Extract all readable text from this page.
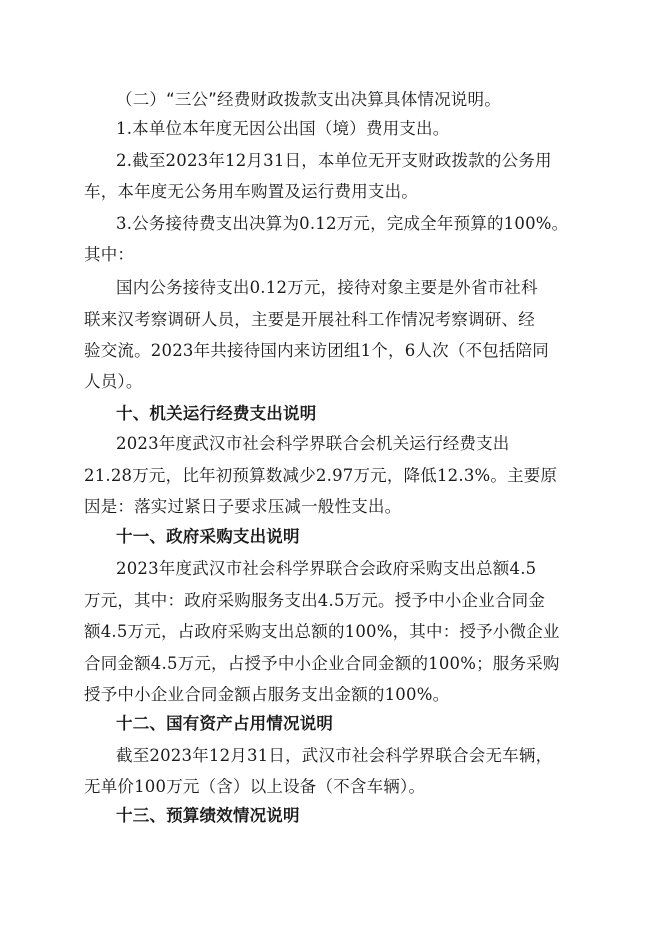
（二）“三公”经费财政拨款支出决算具体情况说明。
1.本单位本年度无因公出国（境）费用支出。
2.截至2023年12月31日，本单位无开支财政拨款的公务用
车，本年度无公务用车购置及运行费用支出。
3.公务接待费支出决算为0.12万元，完成全年预算的100%。
其中：
国内公务接待支出0.12万元，接待对象主要是外省市社科
联来汉考察调研人员，主要是开展社科工作情况考察调研、经
验交流。2023年共接待国内来访团组1个，6人次（不包括陪同
人员）。
十、机关运行经费支出说明
2023年度武汉市社会科学界联合会机关运行经费支出
21.28万元，比年初预算数减少2.97万元，降低12.3%。主要原
因是：落实过紧日子要求压减一般性支出。
十一、政府采购支出说明
2023年度武汉市社会科学界联合会政府采购支出总额4.5
万元，其中：政府采购服务支出4.5万元。授予中小企业合同金
额4.5万元，占政府采购支出总额的100%，其中：授予小微企业
合同金额4.5万元，占授予中小企业合同金额的100%；服务采购
授予中小企业合同金额占服务支出金额的100%。
十二、国有资产占用情况说明
截至2023年12月31日，武汉市社会科学界联合会无车辆，
无单价100万元（含）以上设备（不含车辆）。
十三、预算绩效情况说明
